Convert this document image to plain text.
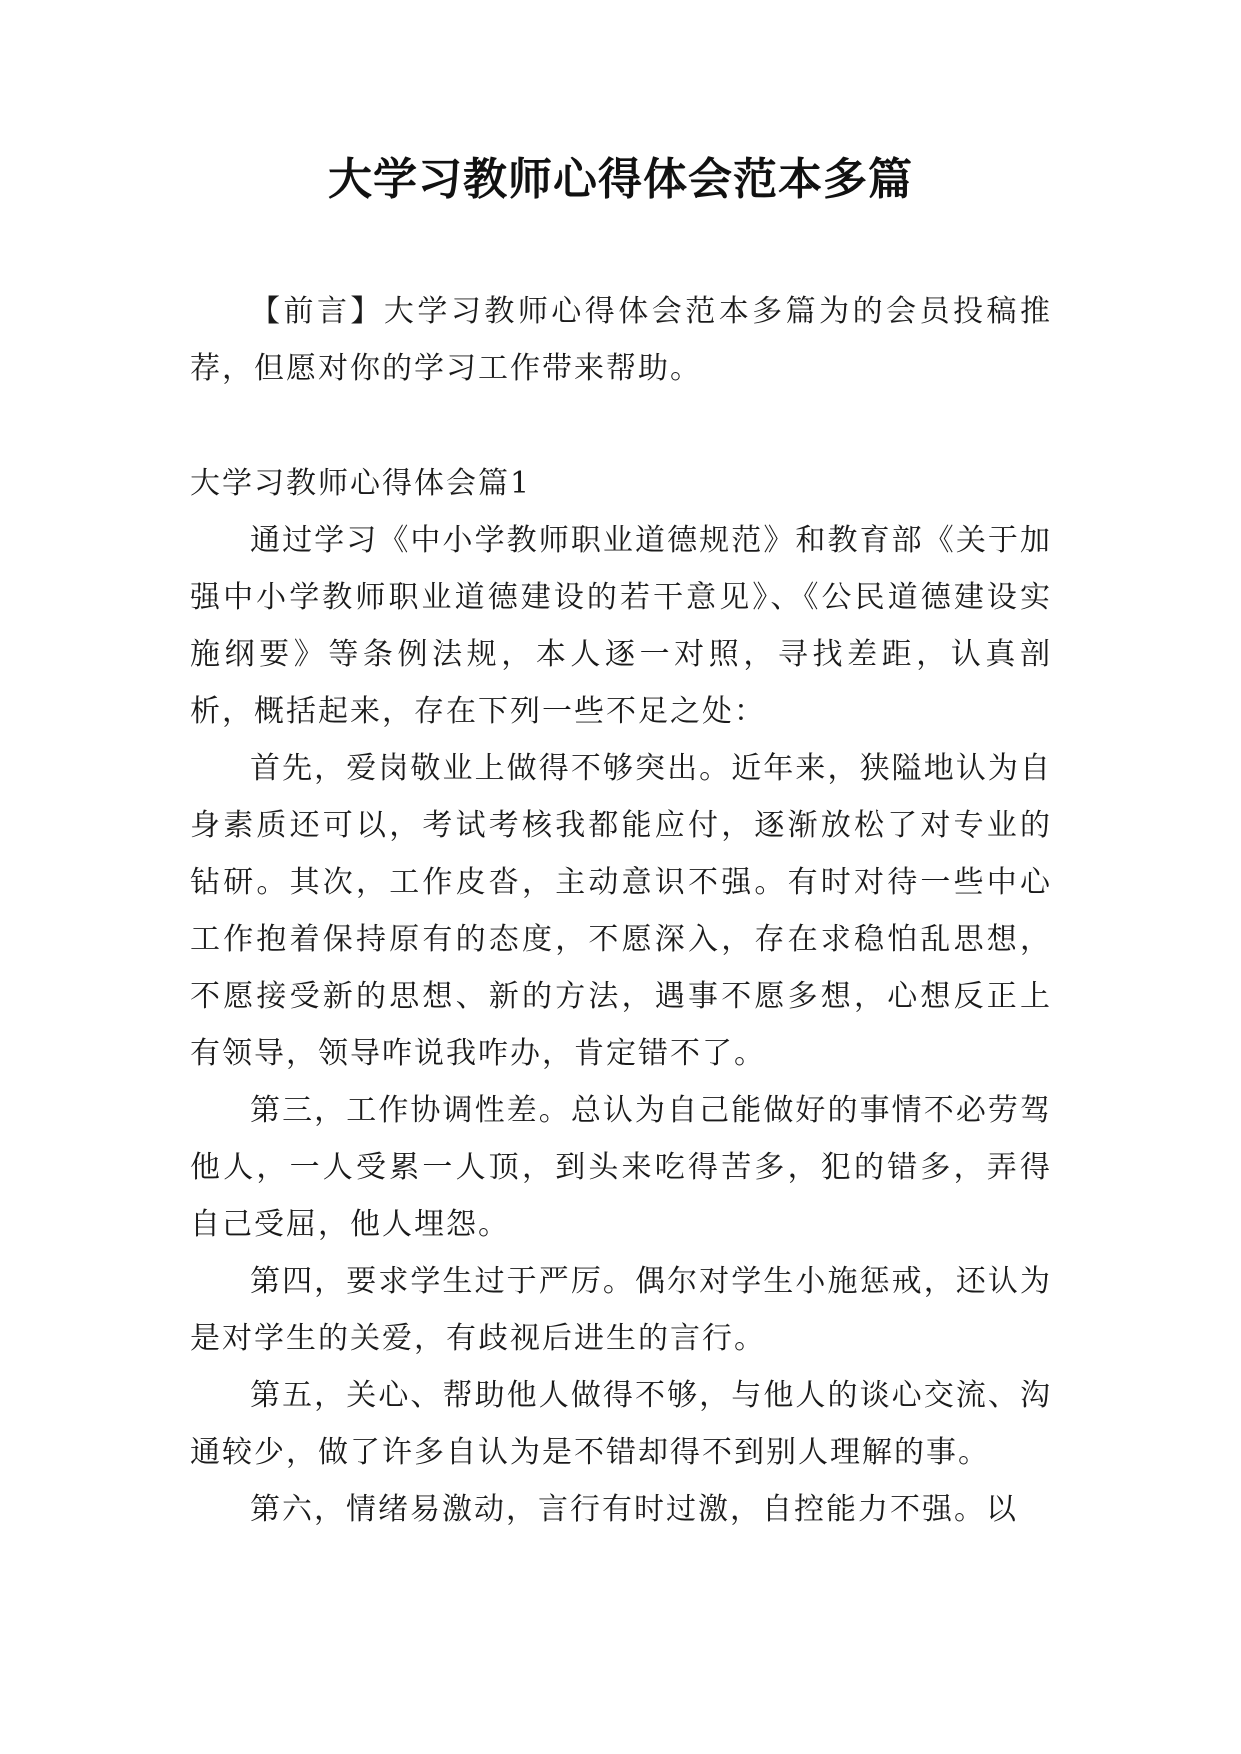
大学习教师心得体会范本多篇

【前言】大学习教师心得体会范本多篇为的会员投稿推荐，但愿对你的学习工作带来帮助。

大学习教师心得体会篇1

通过学习《中小学教师职业道德规范》和教育部《关于加强中小学教师职业道德建设的若干意见》、《公民道德建设实施纲要》等条例法规，本人逐一对照，寻找差距，认真剖析，概括起来，存在下列一些不足之处：

首先，爱岗敬业上做得不够突出。近年来，狭隘地认为自身素质还可以，考试考核我都能应付，逐渐放松了对专业的钻研。其次，工作皮沓，主动意识不强。有时对待一些中心工作抱着保持原有的态度，不愿深入，存在求稳怕乱思想，不愿接受新的思想、新的方法，遇事不愿多想，心想反正上有领导，领导咋说我咋办，肯定错不了。

第三，工作协调性差。总认为自己能做好的事情不必劳驾他人，一人受累一人顶，到头来吃得苦多，犯的错多，弄得自己受屈，他人埋怨。

第四，要求学生过于严厉。偶尔对学生小施惩戒，还认为是对学生的关爱，有歧视后进生的言行。

第五，关心、帮助他人做得不够，与他人的谈心交流、沟通较少，做了许多自认为是不错却得不到别人理解的事。

第六，情绪易激动，言行有时过激，自控能力不强。以
